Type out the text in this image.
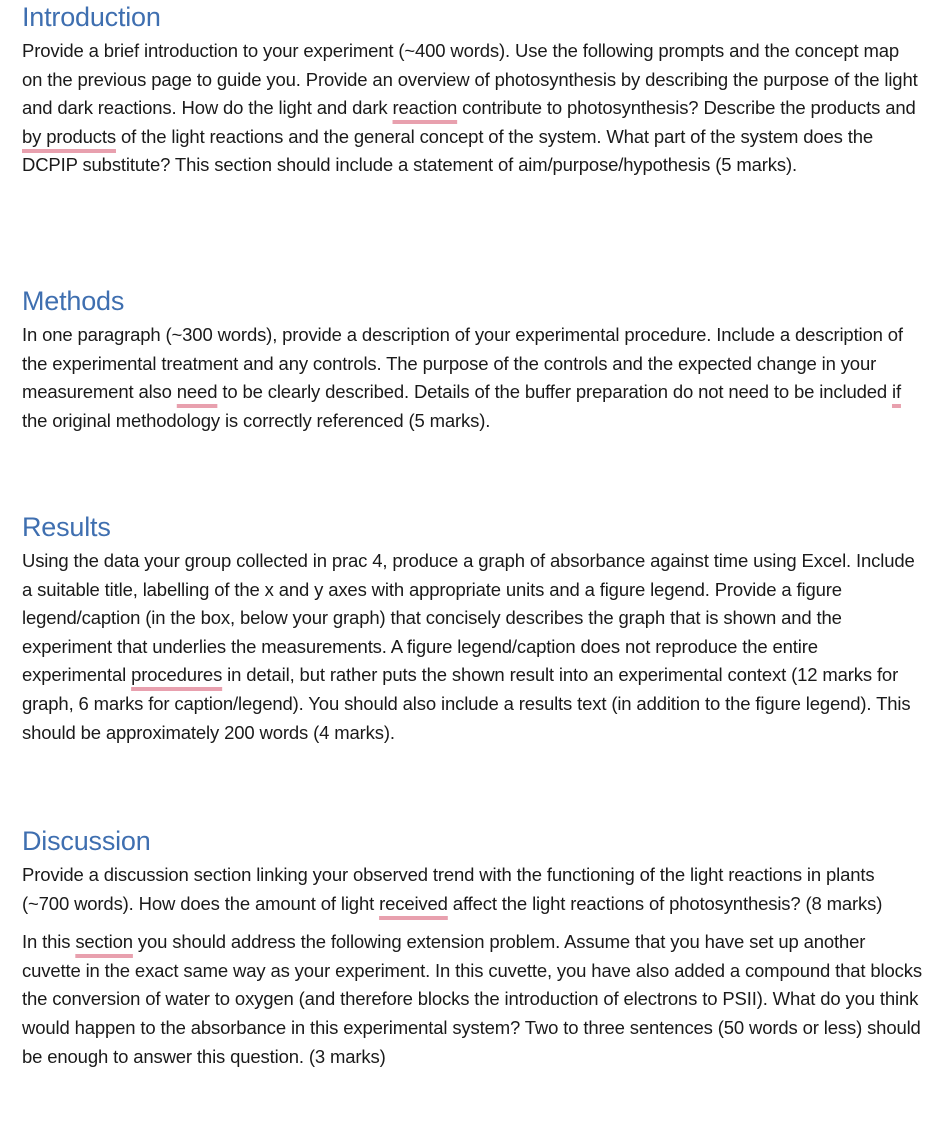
Introduction

Provide a brief introduction to your experiment (~400 words). Use the following prompts and the concept map on the previous page to guide you. Provide an overview of photosynthesis by describing the purpose of the light and dark reactions. How do the light and dark reaction contribute to photosynthesis? Describe the products and by products of the light reactions and the general concept of the system. What part of the system does the DCPIP substitute? This section should include a statement of aim/purpose/hypothesis (5 marks).

Methods

In one paragraph (~300 words), provide a description of your experimental procedure. Include a description of the experimental treatment and any controls. The purpose of the controls and the expected change in your measurement also need to be clearly described. Details of the buffer preparation do not need to be included if the original methodology is correctly referenced (5 marks).

Results

Using the data your group collected in prac 4, produce a graph of absorbance against time using Excel. Include a suitable title, labelling of the x and y axes with appropriate units and a figure legend. Provide a figure legend/caption (in the box, below your graph) that concisely describes the graph that is shown and the experiment that underlies the measurements. A figure legend/caption does not reproduce the entire experimental procedures in detail, but rather puts the shown result into an experimental context (12 marks for graph, 6 marks for caption/legend). You should also include a results text (in addition to the figure legend). This should be approximately 200 words (4 marks).

Discussion

Provide a discussion section linking your observed trend with the functioning of the light reactions in plants (~700 words). How does the amount of light received affect the light reactions of photosynthesis? (8 marks)

In this section you should address the following extension problem. Assume that you have set up another cuvette in the exact same way as your experiment. In this cuvette, you have also added a compound that blocks the conversion of water to oxygen (and therefore blocks the introduction of electrons to PSII). What do you think would happen to the absorbance in this experimental system? Two to three sentences (50 words or less) should be enough to answer this question. (3 marks)
